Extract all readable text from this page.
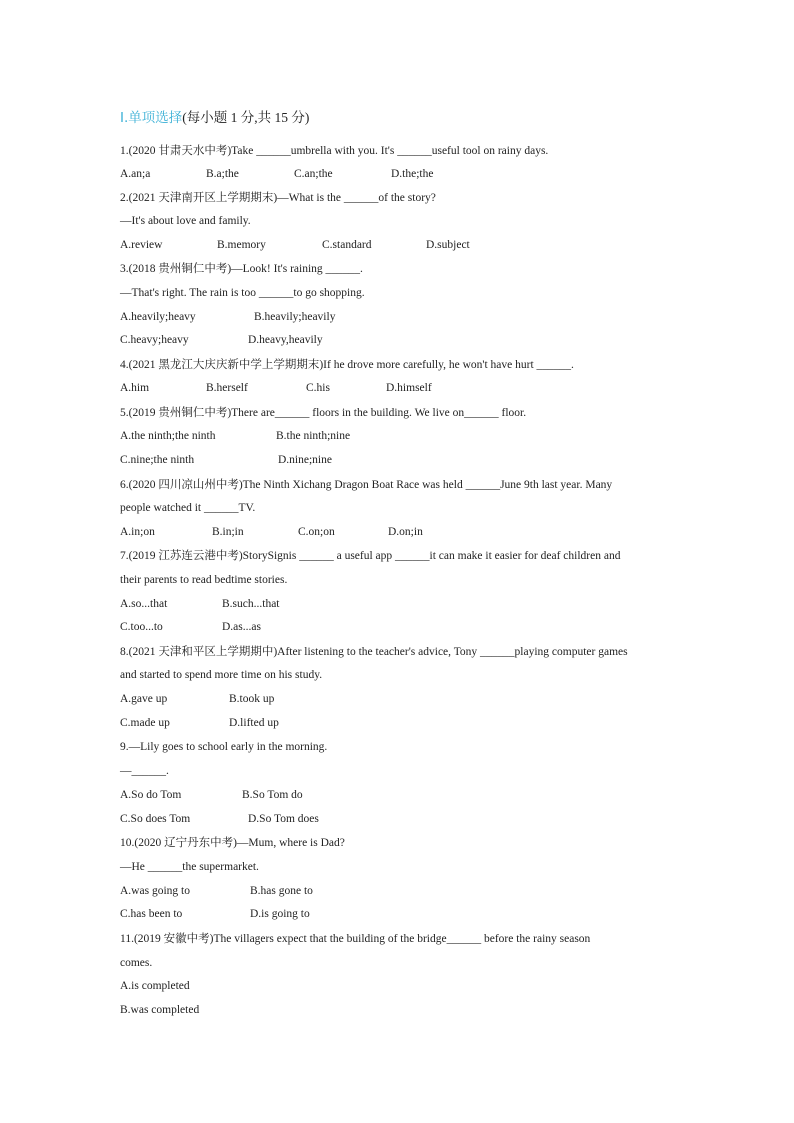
Ⅰ.单项选择(每小题 1 分,共 15 分)
1.(2020 甘肃天水中考)Take ______umbrella with you. It's ______useful tool on rainy days.
A.an;a	B.a;the	C.an;the	D.the;the
2.(2021 天津南开区上学期期末)—What is the ______of the story?
—It's about love and family.
A.review	B.memory	C.standard	D.subject
3.(2018 贵州铜仁中考)—Look! It's raining ______.
—That's right. The rain is too ______to go shopping.
A.heavily;heavy	B.heavily;heavily
C.heavy;heavy	D.heavy,heavily
4.(2021 黑龙江大庆庆新中学上学期期末)If he drove more carefully, he won't have hurt ______.
A.him	B.herself	C.his	D.himself
5.(2019 贵州铜仁中考)There are______ floors in the building. We live on______ floor.
A.the ninth;the ninth	B.the ninth;nine
C.nine;the ninth	D.nine;nine
6.(2020 四川凉山州中考)The Ninth Xichang Dragon Boat Race was held ______June 9th last year. Many
people watched it ______TV.
A.in;on	B.in;in	C.on;on	D.on;in
7.(2019 江苏连云港中考)StorySignis ______ a useful app ______it can make it easier for deaf children and
their parents to read bedtime stories.
A.so...that	B.such...that
C.too...to	D.as...as
8.(2021 天津和平区上学期期中)After listening to the teacher's advice, Tony ______playing computer games
and started to spend more time on his study.
A.gave up	B.took up
C.made up	D.lifted up
9.—Lily goes to school early in the morning.
—______.
A.So do Tom	B.So Tom do
C.So does Tom	D.So Tom does
10.(2020 辽宁丹东中考)—Mum, where is Dad?
—He ______the supermarket.
A.was going to	B.has gone to
C.has been to	D.is going to
11.(2019 安徽中考)The villagers expect that the building of the bridge______ before the rainy season
comes.
A.is completed
B.was completed
